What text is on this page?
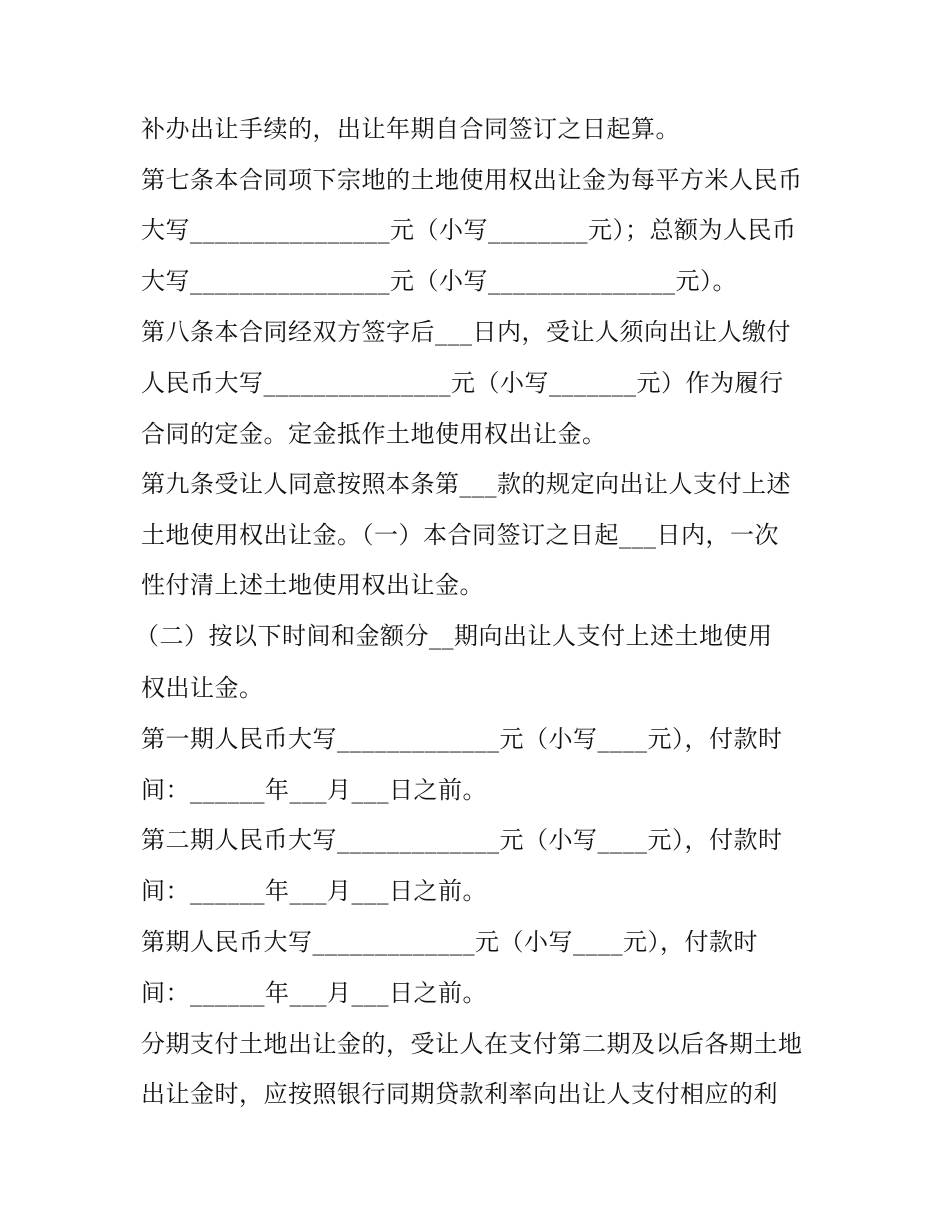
补办出让手续的，出让年期自合同签订之日起算。
第七条本合同项下宗地的土地使用权出让金为每平方米人民币
大写________________元（小写________元）；总额为人民币
大写________________元（小写_______________元）。
第八条本合同经双方签字后___日内，受让人须向出让人缴付
人民币大写_______________元（小写_______元）作为履行
合同的定金。定金抵作土地使用权出让金。
第九条受让人同意按照本条第___款的规定向出让人支付上述
土地使用权出让金。（一）本合同签订之日起___日内，一次
性付清上述土地使用权出让金。
（二）按以下时间和金额分__期向出让人支付上述土地使用
权出让金。
第一期人民币大写_____________元（小写____元），付款时
间：______年___月___日之前。
第二期人民币大写_____________元（小写____元），付款时
间：______年___月___日之前。
第期人民币大写_____________元（小写____元），付款时
间：______年___月___日之前。
分期支付土地出让金的，受让人在支付第二期及以后各期土地
出让金时，应按照银行同期贷款利率向出让人支付相应的利
